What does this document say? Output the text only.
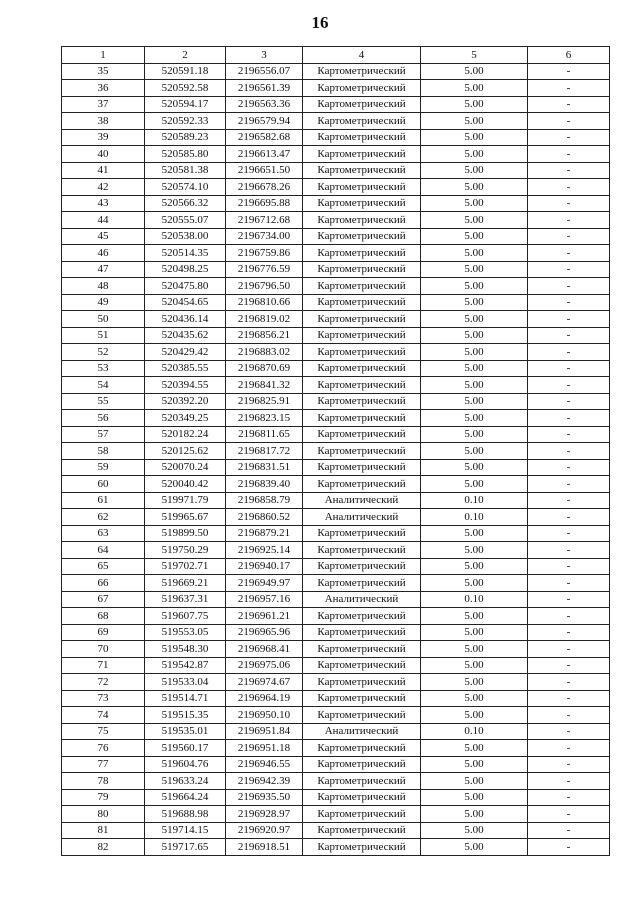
16
1	2	3	4	5	6
35	520591.18	2196556.07	Картометрический	5.00	-
36	520592.58	2196561.39	Картометрический	5.00	-
37	520594.17	2196563.36	Картометрический	5.00	-
38	520592.33	2196579.94	Картометрический	5.00	-
39	520589.23	2196582.68	Картометрический	5.00	-
40	520585.80	2196613.47	Картометрический	5.00	-
41	520581.38	2196651.50	Картометрический	5.00	-
42	520574.10	2196678.26	Картометрический	5.00	-
43	520566.32	2196695.88	Картометрический	5.00	-
44	520555.07	2196712.68	Картометрический	5.00	-
45	520538.00	2196734.00	Картометрический	5.00	-
46	520514.35	2196759.86	Картометрический	5.00	-
47	520498.25	2196776.59	Картометрический	5.00	-
48	520475.80	2196796.50	Картометрический	5.00	-
49	520454.65	2196810.66	Картометрический	5.00	-
50	520436.14	2196819.02	Картометрический	5.00	-
51	520435.62	2196856.21	Картометрический	5.00	-
52	520429.42	2196883.02	Картометрический	5.00	-
53	520385.55	2196870.69	Картометрический	5.00	-
54	520394.55	2196841.32	Картометрический	5.00	-
55	520392.20	2196825.91	Картометрический	5.00	-
56	520349.25	2196823.15	Картометрический	5.00	-
57	520182.24	2196811.65	Картометрический	5.00	-
58	520125.62	2196817.72	Картометрический	5.00	-
59	520070.24	2196831.51	Картометрический	5.00	-
60	520040.42	2196839.40	Картометрический	5.00	-
61	519971.79	2196858.79	Аналитический	0.10	-
62	519965.67	2196860.52	Аналитический	0.10	-
63	519899.50	2196879.21	Картометрический	5.00	-
64	519750.29	2196925.14	Картометрический	5.00	-
65	519702.71	2196940.17	Картометрический	5.00	-
66	519669.21	2196949.97	Картометрический	5.00	-
67	519637.31	2196957.16	Аналитический	0.10	-
68	519607.75	2196961.21	Картометрический	5.00	-
69	519553.05	2196965.96	Картометрический	5.00	-
70	519548.30	2196968.41	Картометрический	5.00	-
71	519542.87	2196975.06	Картометрический	5.00	-
72	519533.04	2196974.67	Картометрический	5.00	-
73	519514.71	2196964.19	Картометрический	5.00	-
74	519515.35	2196950.10	Картометрический	5.00	-
75	519535.01	2196951.84	Аналитический	0.10	-
76	519560.17	2196951.18	Картометрический	5.00	-
77	519604.76	2196946.55	Картометрический	5.00	-
78	519633.24	2196942.39	Картометрический	5.00	-
79	519664.24	2196935.50	Картометрический	5.00	-
80	519688.98	2196928.97	Картометрический	5.00	-
81	519714.15	2196920.97	Картометрический	5.00	-
82	519717.65	2196918.51	Картометрический	5.00	-
